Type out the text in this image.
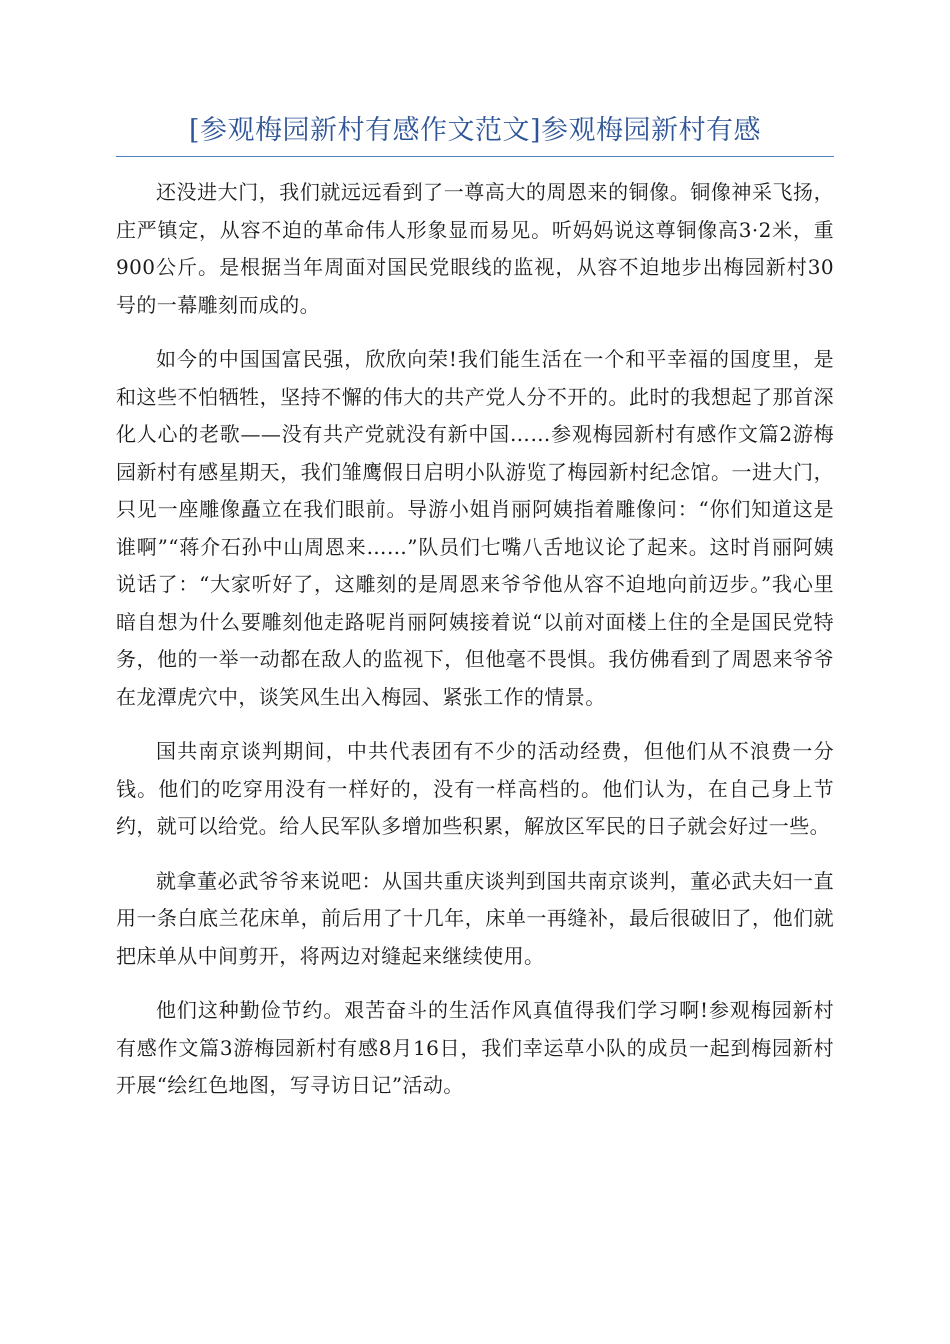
[参观梅园新村有感作文范文]参观梅园新村有感

还没进大门，我们就远远看到了一尊高大的周恩来的铜像。铜像神采飞扬，庄严镇定，从容不迫的革命伟人形象显而易见。听妈妈说这尊铜像高3·2米，重900公斤。是根据当年周面对国民党眼线的监视，从容不迫地步出梅园新村30号的一幕雕刻而成的。

如今的中国国富民强，欣欣向荣!我们能生活在一个和平幸福的国度里，是和这些不怕牺牲，坚持不懈的伟大的共产党人分不开的。此时的我想起了那首深化人心的老歌——没有共产党就没有新中国……参观梅园新村有感作文篇2游梅园新村有感星期天，我们雏鹰假日启明小队游览了梅园新村纪念馆。一进大门，只见一座雕像矗立在我们眼前。导游小姐肖丽阿姨指着雕像问：“你们知道这是谁啊”“蒋介石孙中山周恩来……”队员们七嘴八舌地议论了起来。这时肖丽阿姨说话了：“大家听好了，这雕刻的是周恩来爷爷他从容不迫地向前迈步。”我心里暗自想为什么要雕刻他走路呢肖丽阿姨接着说“以前对面楼上住的全是国民党特务，他的一举一动都在敌人的监视下，但他毫不畏惧。我仿佛看到了周恩来爷爷在龙潭虎穴中，谈笑风生出入梅园、紧张工作的情景。

国共南京谈判期间，中共代表团有不少的活动经费，但他们从不浪费一分钱。他们的吃穿用没有一样好的，没有一样高档的。他们认为，在自己身上节约，就可以给党。给人民军队多增加些积累，解放区军民的日子就会好过一些。

就拿董必武爷爷来说吧：从国共重庆谈判到国共南京谈判，董必武夫妇一直用一条白底兰花床单，前后用了十几年，床单一再缝补，最后很破旧了，他们就把床单从中间剪开，将两边对缝起来继续使用。

他们这种勤俭节约。艰苦奋斗的生活作风真值得我们学习啊!参观梅园新村有感作文篇3游梅园新村有感8月16日，我们幸运草小队的成员一起到梅园新村开展“绘红色地图，写寻访日记”活动。
